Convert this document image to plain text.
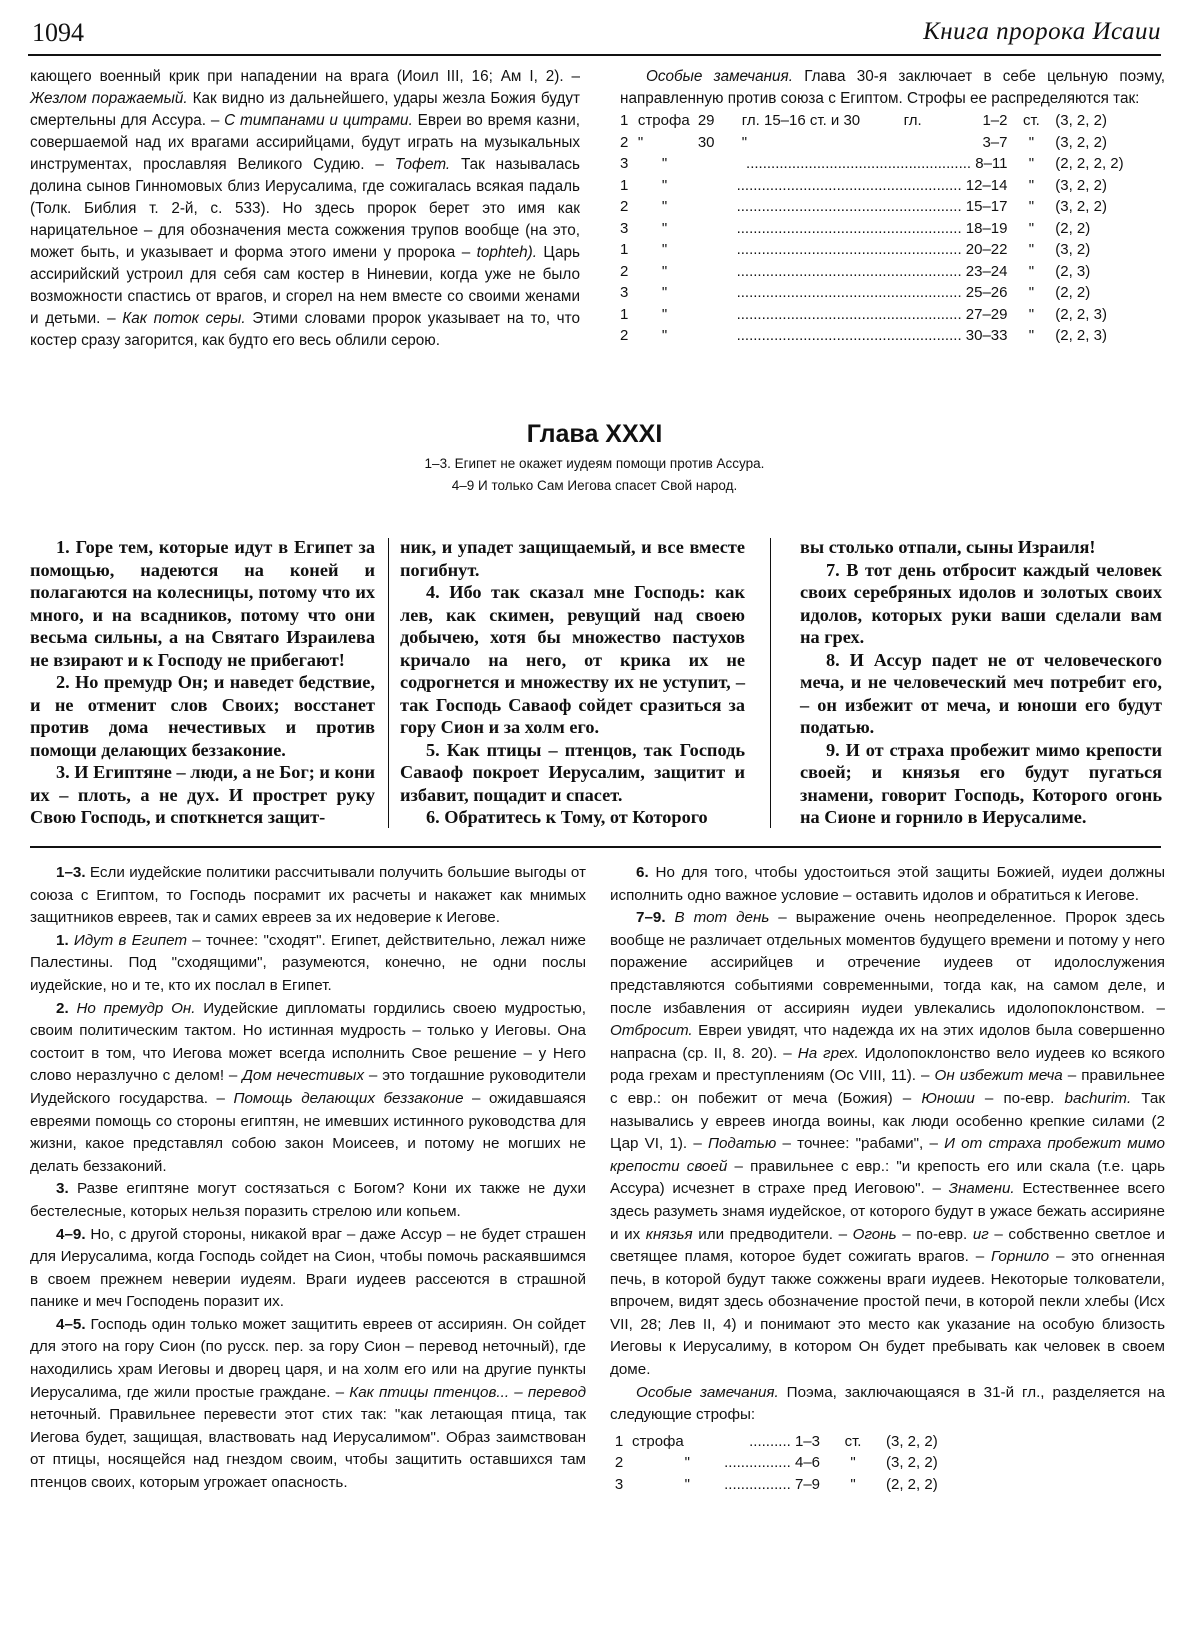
1094	Книга пророка Исаии

кающего военный крик при нападении на врага (Иоил III, 16; Ам I, 2). – Жезлом поражаемый. Как видно из дальнейшего, удары жезла Божия будут смертельны для Ассура. – С тимпанами и цитрами. Евреи во время казни, совершаемой над их врагами ассирийцами, будут играть на музыкальных инструментах, прославляя Великого Судию. – Тофет. Так называлась долина сынов Гинномовых близ Иерусалима, где сожигалась всякая падаль (Толк. Библия т. 2-й, с. 533). Но здесь пророк берет это имя как нарицательное – для обозначения места сожжения трупов вообще (на это, может быть, и указывает и форма этого имени у пророка – tophteh). Царь ассирийский устроил для себя сам костер в Ниневии, когда уже не было возможности спастись от врагов, и сгорел на нем вместе со своими женами и детьми. – Как поток серы. Этими словами пророк указывает на то, что костер сразу загорится, как будто его весь облили серою.

Особые замечания. Глава 30-я заключает в себе цельную поэму, направленную против союза с Египтом. Строфы ее распределяются так:

1	строфа	29	гл. 15–16 ст. и 30	гл.	1–2	ст.	(3, 2, 2)
2	"	30	"		3–7	"	(3, 2, 2)
3	"	...................................................... 8–11				"	(2, 2, 2, 2)
1	"	...................................................... 12–14				"	(3, 2, 2)
2	"	...................................................... 15–17				"	(3, 2, 2)
3	"	...................................................... 18–19				"	(2, 2)
1	"	...................................................... 20–22				"	(3, 2)
2	"	...................................................... 23–24				"	(2, 3)
3	"	...................................................... 25–26				"	(2, 2)
1	"	...................................................... 27–29				"	(2, 2, 3)
2	"	...................................................... 30–33				"	(2, 2, 3)
Глава XXXI
1–3. Египет не окажет иудеям помощи против Ассура.
4–9 И только Сам Иегова спасет Свой народ.

1. Горе тем, которые идут в Египет за помощью, надеются на коней и полагаются на колесницы, потому что их много, и на всадников, потому что они весьма сильны, а на Святаго Израилева не взирают и к Господу не прибегают!

2. Но премудр Он; и наведет бедствие, и не отменит слов Своих; восстанет против дома нечестивых и против помощи делающих беззаконие.

3. И Египтяне – люди, а не Бог; и кони их – плоть, а не дух. И прострет руку Свою Господь, и споткнется защит-

ник, и упадет защищаемый, и все вместе погибнут.

4. Ибо так сказал мне Господь: как лев, как скимен, ревущий над своею добычею, хотя бы множество пастухов кричало на него, от крика их не содрогнется и множеству их не уступит, – так Господь Саваоф сойдет сразиться за гору Сион и за холм его.

5. Как птицы – птенцов, так Господь Саваоф покроет Иерусалим, защитит и избавит, пощадит и спасет.

6. Обратитесь к Тому, от Которого

вы столько отпали, сыны Израиля!

7. В тот день отбросит каждый человек своих серебряных идолов и золотых своих идолов, которых руки ваши сделали вам на грех.

8. И Ассур падет не от человеческого меча, и не человеческий меч потребит его, – он избежит от меча, и юноши его будут податью.

9. И от страха пробежит мимо крепости своей; и князья его будут пугаться знамени, говорит Господь, Которого огонь на Сионе и горнило в Иерусалиме.

1–3. Если иудейские политики рассчитывали получить большие выгоды от союза с Египтом, то Господь посрамит их расчеты и накажет как мнимых защитников евреев, так и самих евреев за их недоверие к Иегове.

1. Идут в Египет – точнее: "сходят". Египет, действительно, лежал ниже Палестины. Под "сходящими", разумеются, конечно, не одни послы иудейские, но и те, кто их послал в Египет.

2. Но премудр Он. Иудейские дипломаты гордились своею мудростью, своим политическим тактом. Но истинная мудрость – только у Иеговы. Она состоит в том, что Иегова может всегда исполнить Свое решение – у Него слово неразлучно с делом! – Дом нечестивых – это тогдашние руководители Иудейского государства. – Помощь делающих беззаконие – ожидавшаяся евреями помощь со стороны египтян, не имевших истинного руководства для жизни, какое представлял собою закон Моисеев, и потому не могших не делать беззаконий.

3. Разве египтяне могут состязаться с Богом? Кони их также не духи бестелесные, которых нельзя поразить стрелою или копьем.

4–9. Но, с другой стороны, никакой враг – даже Ассур – не будет страшен для Иерусалима, когда Господь сойдет на Сион, чтобы помочь раскаявшимся в своем прежнем неверии иудеям. Враги иудеев рассеются в страшной панике и меч Господень поразит их.

4–5. Господь один только может защитить евреев от ассириян. Он сойдет для этого на гору Сион (по русск. пер. за гору Сион – перевод неточный), где находились храм Иеговы и дворец царя, и на холм его или на другие пункты Иерусалима, где жили простые граждане. – Как птицы птенцов... – перевод неточный. Правильнее перевести этот стих так: "как летающая птица, так Иегова будет, защищая, властвовать над Иерусалимом". Образ заимствован от птицы, носящейся над гнездом своим, чтобы защитить оставшихся там птенцов своих, которым угрожает опасность.

6. Но для того, чтобы удостоиться этой защиты Божией, иудеи должны исполнить одно важное условие – оставить идолов и обратиться к Иегове.

7–9. В тот день – выражение очень неопределенное. Пророк здесь вообще не различает отдельных моментов будущего времени и потому у него поражение ассирийцев и отречение иудеев от идолослужения представляются событиями современными, тогда как, на самом деле, и после избавления от ассириян иудеи увлекались идолопоклонством. – Отбросит. Евреи увидят, что надежда их на этих идолов была совершенно напрасна (ср. II, 8. 20). – На грех. Идолопоклонство вело иудеев ко всякого рода грехам и преступлениям (Ос VIII, 11). – Он избежит меча – правильнее с евр.: он побежит от меча (Божия) – Юноши – по-евр. bachurim. Так назывались у евреев иногда воины, как люди особенно крепкие силами (2 Цар VI, 1). – Податью – точнее: "рабами", – И от страха пробежит мимо крепости своей – правильнее с евр.: "и крепость его или скала (т.е. царь Ассура) исчезнет в страхе пред Иеговою". – Знамени. Естественнее всего здесь разуметь знамя иудейское, от которого будут в ужасе бежать ассирияне и их князья или предводители. – Огонь – по-евр. иг – собственно светлое и светящее пламя, которое будет сожигать врагов. – Горнило – это огненная печь, в которой будут также сожжены враги иудеев. Некоторые толкователи, впрочем, видят здесь обозначение простой печи, в которой пекли хлебы (Исх VII, 28; Лев II, 4) и понимают это место как указание на особую близость Иеговы к Иерусалиму, в котором Он будет пребывать как человек в своем доме.

Особые замечания. Поэма, заключающаяся в 31-й гл., разделяется на следующие строфы:

1	строфа	.......... 1–3	ст.	(3, 2, 2)
2	"	................ 4–6	"	(3, 2, 2)
3	"	................ 7–9	"	(2, 2, 2)
